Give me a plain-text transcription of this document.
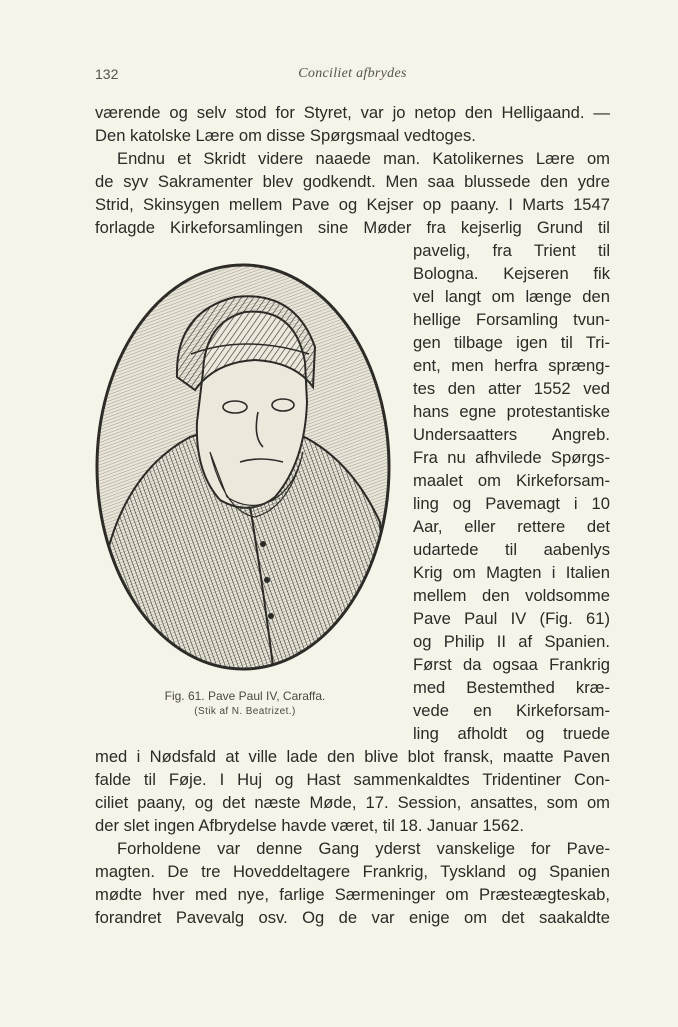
132	Conciliet afbrydes
værende og selv stod for Styret, var jo netop den Helligaand. —
Den katolske Lære om disse Spørgsmaal vedtoges.
Endnu et Skridt videre naaede man. Katolikernes Lære om
de syv Sakramenter blev godkendt. Men saa blussede den ydre
Strid, Skinsygen mellem Pave og Kejser op paany. I Marts 1547
forlagde Kirkeforsamlingen sine Møder fra kejserlig Grund til
pavelig, fra Trient til
Bologna. Kejseren fik
vel langt om længe den
hellige Forsamling tvun-
gen tilbage igen til Tri-
ent, men herfra spræng-
tes den atter 1552 ved
hans egne protestantiske
Undersaatters Angreb.
Fra nu afhvilede Spørgs-
maalet om Kirkeforsam-
ling og Pavemagt i 10
Aar, eller rettere det
udartede til aabenlys
Krig om Magten i Italien
mellem den voldsomme
Pave Paul IV (Fig. 61)
og Philip II af Spanien.
Først da ogsaa Frankrig
med Bestemthed kræ-
vede en Kirkeforsam-
ling afholdt og truede
med i Nødsfald at ville lade den blive blot fransk, maatte Paven
falde til Føje. I Huj og Hast sammenkaldtes Tridentiner Con-
ciliet paany, og det næste Møde, 17. Session, ansattes, som om
der slet ingen Afbrydelse havde været, til 18. Januar 1562.
Forholdene var denne Gang yderst vanskelige for Pave-
magten. De tre Hoveddeltagere Frankrig, Tyskland og Spanien
mødte hver med nye, farlige Særmeninger om Præsteægteskab,
forandret Pavevalg osv. Og de var enige om det saakaldte
Fig. 61. Pave Paul IV, Caraffa.
(Stik af N. Beatrizet.)
